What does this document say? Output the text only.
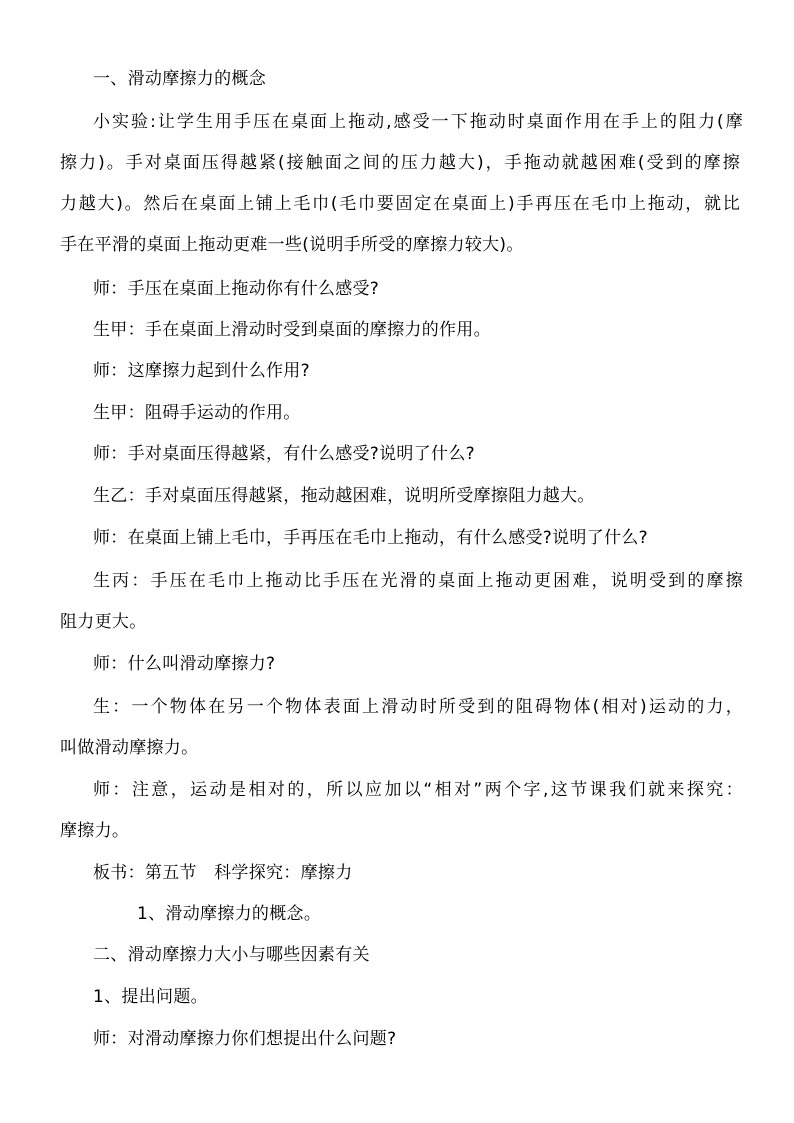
一、滑动摩擦力的概念
小实验:让学生用手压在桌面上拖动,感受一下拖动时桌面作用在手上的阻力(摩
擦力)。手对桌面压得越紧(接触面之间的压力越大)，手拖动就越困难(受到的摩擦
力越大)。然后在桌面上铺上毛巾(毛巾要固定在桌面上)手再压在毛巾上拖动，就比
手在平滑的桌面上拖动更难一些(说明手所受的摩擦力较大)。
师：手压在桌面上拖动你有什么感受?
生甲：手在桌面上滑动时受到桌面的摩擦力的作用。
师：这摩擦力起到什么作用?
生甲：阻碍手运动的作用。
师：手对桌面压得越紧，有什么感受?说明了什么?
生乙：手对桌面压得越紧，拖动越困难，说明所受摩擦阻力越大。
师：在桌面上铺上毛巾，手再压在毛巾上拖动，有什么感受?说明了什么?
生丙：手压在毛巾上拖动比手压在光滑的桌面上拖动更困难，说明受到的摩擦
阻力更大。
师：什么叫滑动摩擦力?
生：一个物体在另一个物体表面上滑动时所受到的阻碍物体(相对)运动的力，
叫做滑动摩擦力。
师：注意，运动是相对的，所以应加以“相对”两个字,这节课我们就来探究：
摩擦力。
板书：第五节　科学探究：摩擦力
1、滑动摩擦力的概念。
二、滑动摩擦力大小与哪些因素有关
1、提出问题。
师：对滑动摩擦力你们想提出什么问题?
